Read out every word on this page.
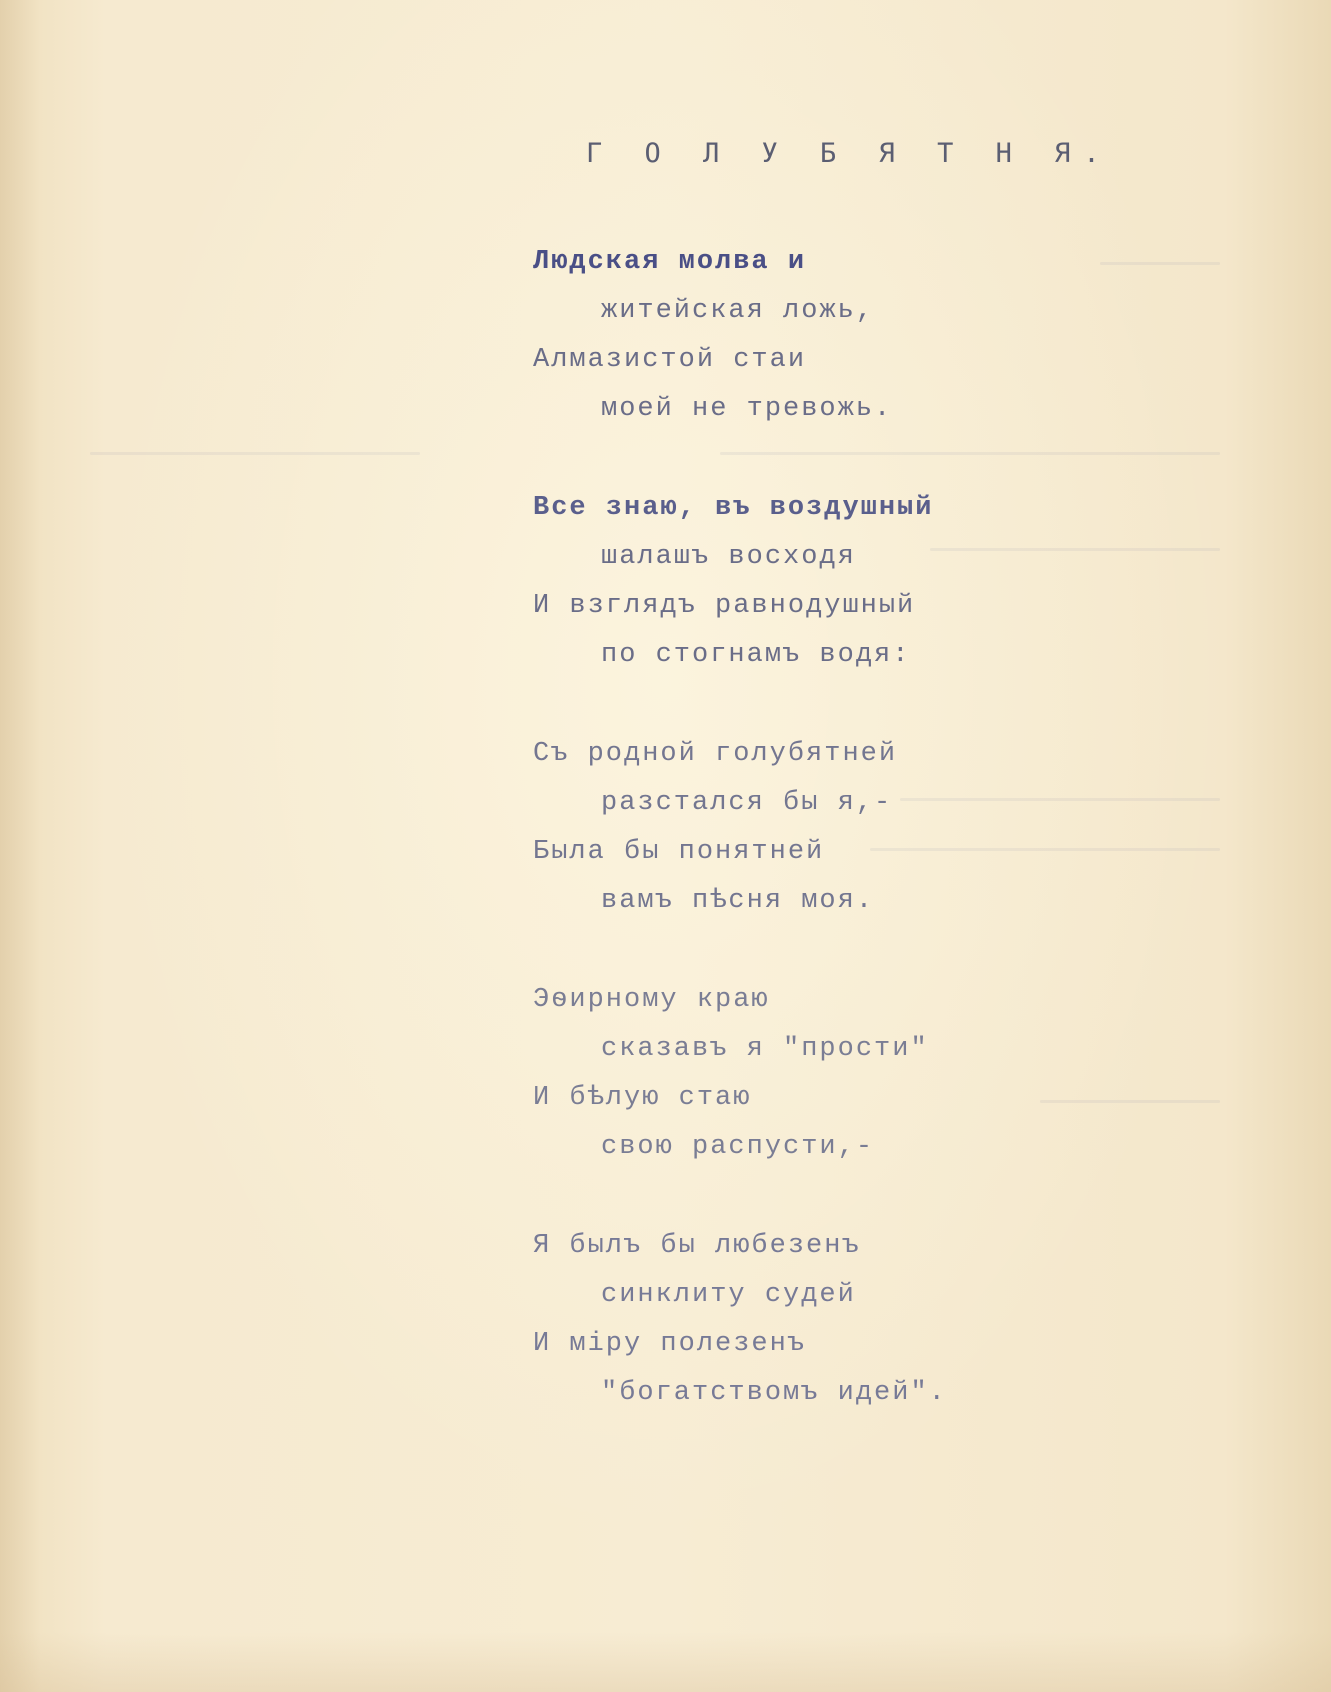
Г О Л У Б Я Т Н Я.
Людская молва и
житейская ложь,
Алмазистой стаи
моей не тревожь.
Все знаю, въ воздушный
шалашъ восходя
И взглядъ равнодушный
по стогнамъ водя:
Съ родной голубятней
разстался бы я,-
Была бы понятней
вамъ пѣсня моя.
Эѳирному краю
сказавъ я "прости"
И бѣлую стаю
свою распусти,-
Я былъ бы любезенъ
синклиту судей
И міру полезенъ
"богатствомъ идей".
